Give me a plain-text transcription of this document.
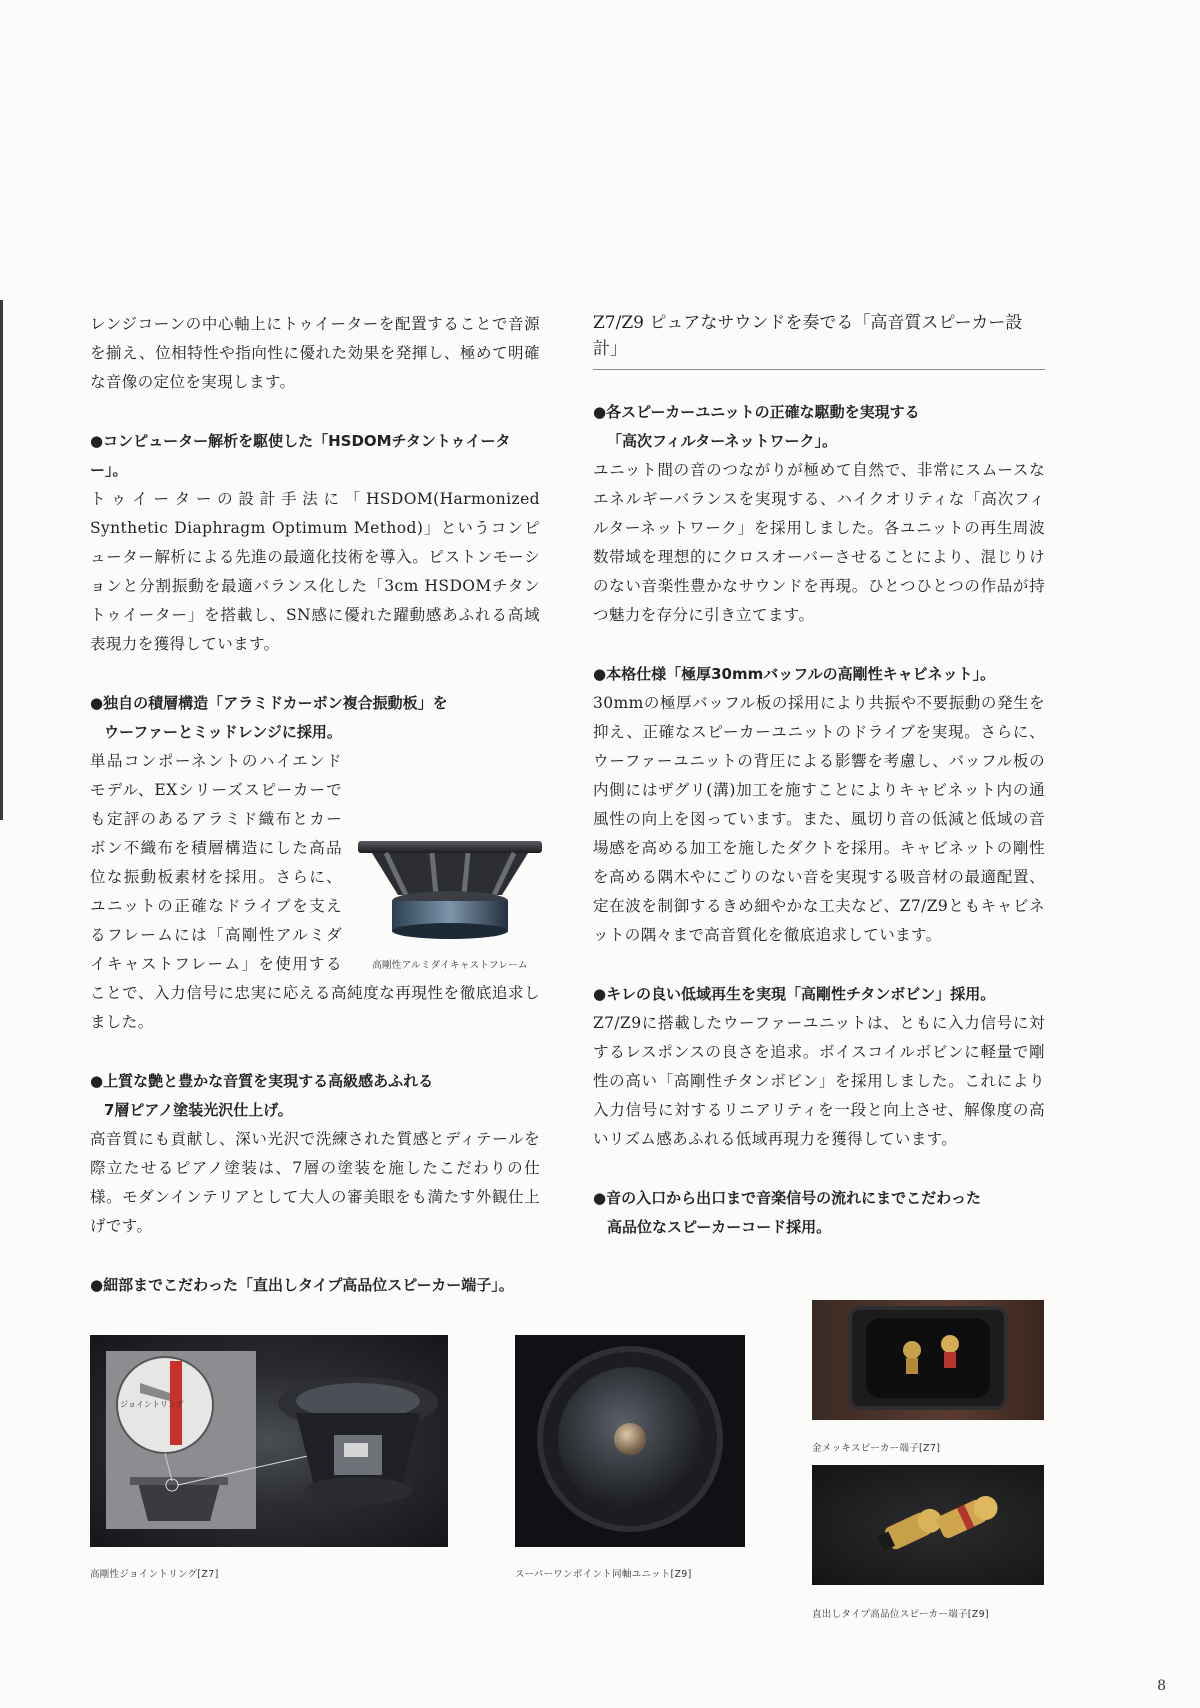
レンジコーンの中心軸上にトゥイーターを配置することで音源を揃え、位相特性や指向性に優れた効果を発揮し、極めて明確な音像の定位を実現します。

●コンピューター解析を駆使した「HSDOMチタントゥイーター」。

トゥイーターの設計手法に「HSDOM(Harmonized Synthetic Diaphragm Optimum Method)」というコンピューター解析による先進の最適化技術を導入。ピストンモーションと分割振動を最適バランス化した「3cm HSDOMチタントゥイーター」を搭載し、SN感に優れた躍動感あふれる高域表現力を獲得しています。

●独自の積層構造「アラミドカーボン複合振動板」を
ウーファーとミッドレンジに採用。

高剛性アルミダイキャストフレーム

単品コンポーネントのハイエンドモデル、EXシリーズスピーカーでも定評のあるアラミド織布とカーボン不織布を積層構造にした高品位な振動板素材を採用。さらに、ユニットの正確なドライブを支えるフレームには「高剛性アルミダイキャストフレーム」を使用することで、入力信号に忠実に応える高純度な再現性を徹底追求しました。

●上質な艶と豊かな音質を実現する高級感あふれる
7層ピアノ塗装光沢仕上げ。

高音質にも貢献し、深い光沢で洗練された質感とディテールを際立たせるピアノ塗装は、7層の塗装を施したこだわりの仕様。モダンインテリアとして大人の審美眼をも満たす外観仕上げです。

●細部までこだわった「直出しタイプ高品位スピーカー端子」。

Z7/Z9 ピュアなサウンドを奏でる「高音質スピーカー設計」

●各スピーカーユニットの正確な駆動を実現する
「高次フィルターネットワーク」。

ユニット間の音のつながりが極めて自然で、非常にスムースなエネルギーバランスを実現する、ハイクオリティな「高次フィルターネットワーク」を採用しました。各ユニットの再生周波数帯域を理想的にクロスオーバーさせることにより、混じりけのない音楽性豊かなサウンドを再現。ひとつひとつの作品が持つ魅力を存分に引き立てます。

●本格仕様「極厚30mmバッフルの高剛性キャビネット」。

30mmの極厚バッフル板の採用により共振や不要振動の発生を抑え、正確なスピーカーユニットのドライブを実現。さらに、ウーファーユニットの背圧による影響を考慮し、バッフル板の内側にはザグリ(溝)加工を施すことによりキャビネット内の通風性の向上を図っています。また、風切り音の低減と低域の音場感を高める加工を施したダクトを採用。キャビネットの剛性を高める隅木やにごりのない音を実現する吸音材の最適配置、定在波を制御するきめ細やかな工夫など、Z7/Z9ともキャビネットの隅々まで高音質化を徹底追求しています。

●キレの良い低域再生を実現「高剛性チタンボビン」採用。

Z7/Z9に搭載したウーファーユニットは、ともに入力信号に対するレスポンスの良さを追求。ボイスコイルボビンに軽量で剛性の高い「高剛性チタンボビン」を採用しました。これにより入力信号に対するリニアリティを一段と向上させ、解像度の高いリズム感あふれる低域再現力を獲得しています。

●音の入口から出口まで音楽信号の流れにまでこだわった
高品位なスピーカーコード採用。

ジョイントリング
高剛性ジョイントリング[Z7]	スーパーワンポイント同軸ユニット[Z9]
金メッキスピーカー端子[Z7]
直出しタイプ高品位スピーカー端子[Z9]
8
